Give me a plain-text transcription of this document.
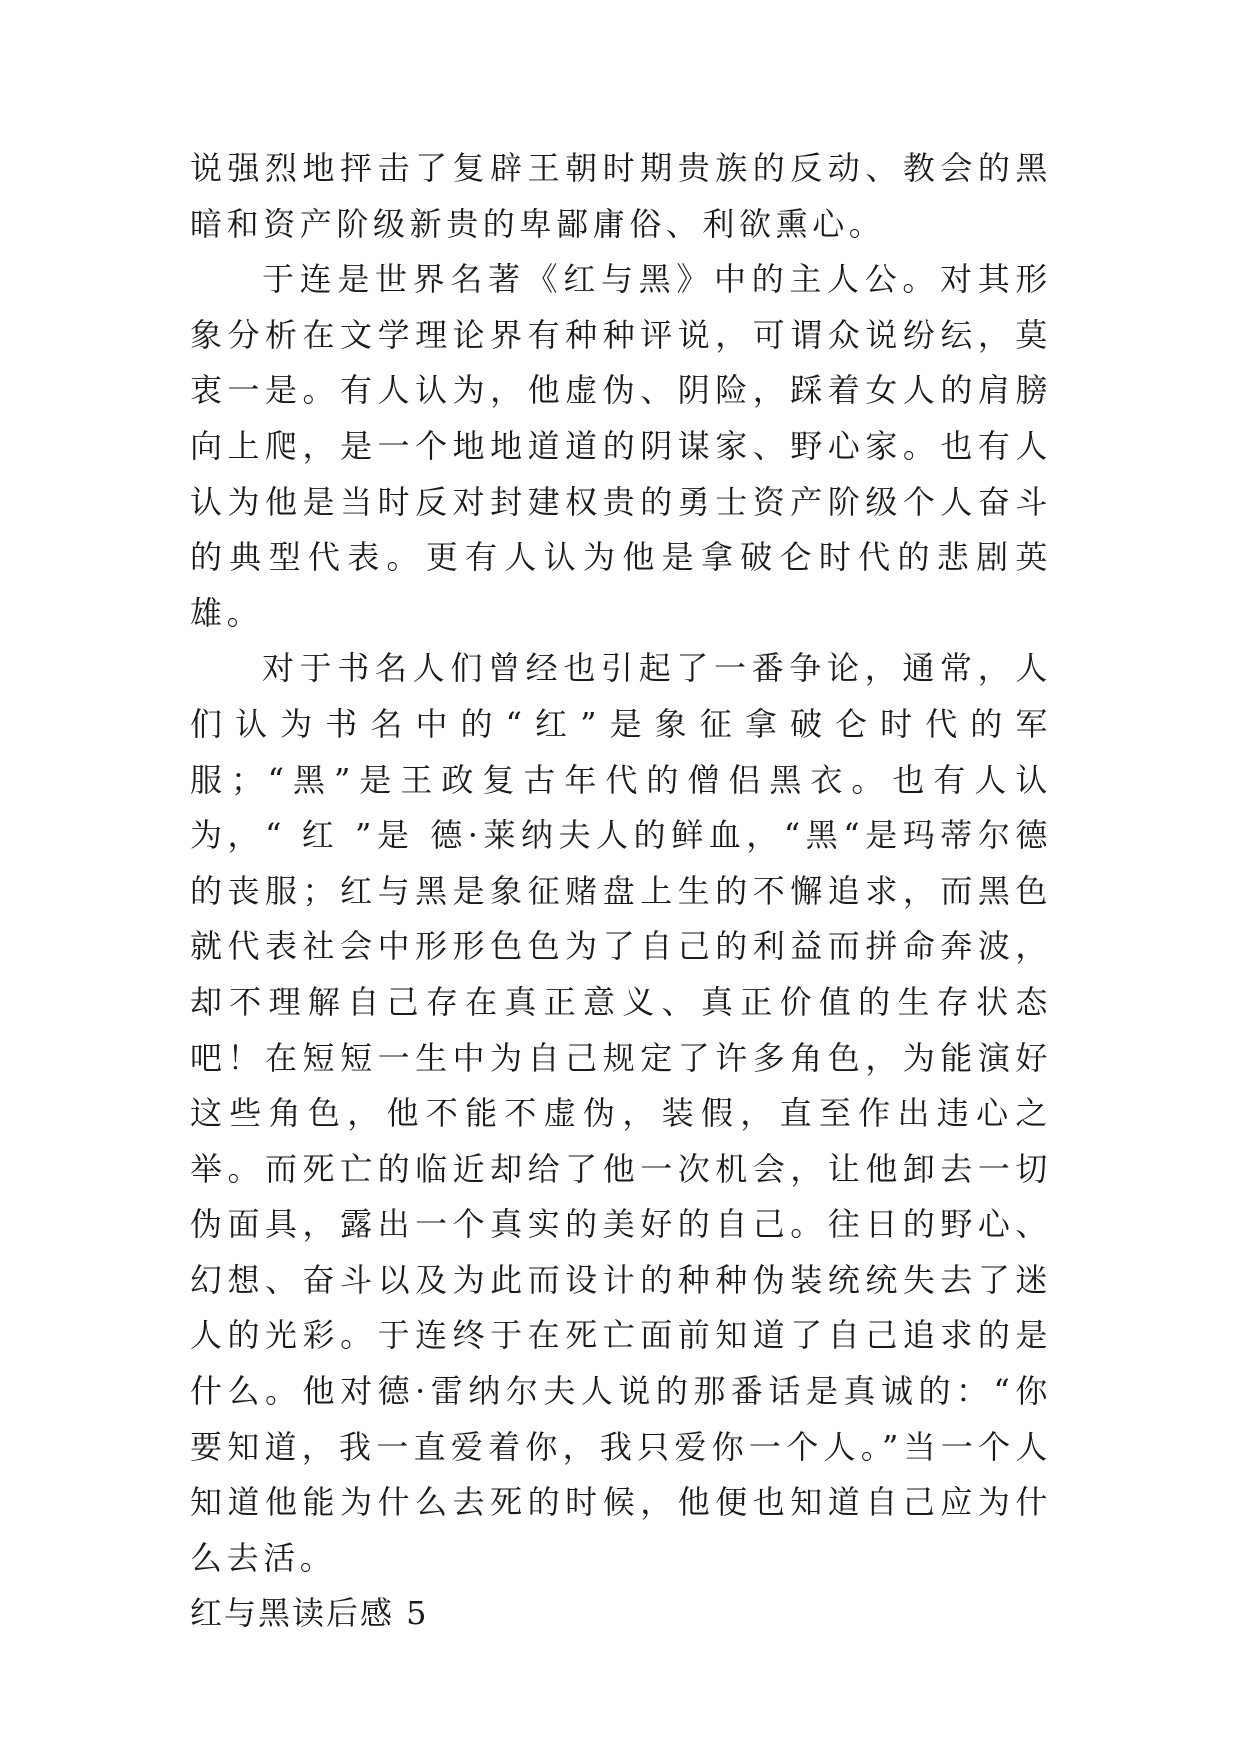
说强烈地抨击了复辟王朝时期贵族的反动、教会的黑暗和资产阶级新贵的卑鄙庸俗、利欲熏心。

于连是世界名著《红与黑》中的主人公。对其形象分析在文学理论界有种种评说，可谓众说纷纭，莫衷一是。有人认为，他虚伪、阴险，踩着女人的肩膀向上爬，是一个地地道道的阴谋家、野心家。也有人认为他是当时反对封建权贵的勇士资产阶级个人奋斗的典型代表。更有人认为他是拿破仑时代的悲剧英雄。

对于书名人们曾经也引起了一番争论，通常，人们认为书名中的“红”是象征拿破仑时代的军服；“黑”是王政复古年代的僧侣黑衣。也有人认为，“ 红 ”是 德·莱纳夫人的鲜血，“黑“是玛蒂尔德的丧服；红与黑是象征赌盘上生的不懈追求，而黑色就代表社会中形形色色为了自己的利益而拼命奔波，却不理解自己存在真正意义、真正价值的生存状态吧！在短短一生中为自己规定了许多角色，为能演好这些角色，他不能不虚伪，装假，直至作出违心之举。而死亡的临近却给了他一次机会，让他卸去一切伪面具，露出一个真实的美好的自己。往日的野心、幻想、奋斗以及为此而设计的种种伪装统统失去了迷人的光彩。于连终于在死亡面前知道了自己追求的是什么。他对德·雷纳尔夫人说的那番话是真诚的：“你要知道，我一直爱着你，我只爱你一个人。”当一个人知道他能为什么去死的时候，他便也知道自己应为什么去活。

红与黑读后感 5
